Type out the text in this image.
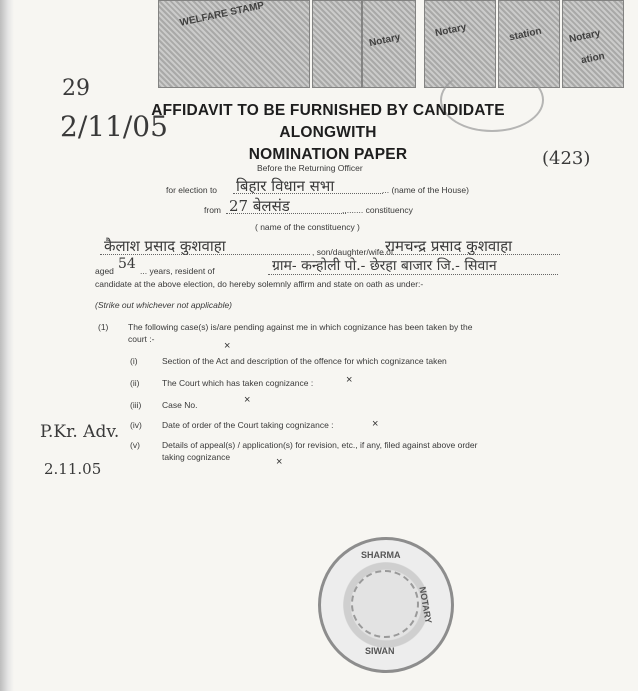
WELFARE STAMP
Notary
Notary	station	Notary
ation
29
2/11/05
(423)
AFFIDAVIT TO BE FURNISHED BY CANDIDATE ALONGWITH
NOMINATION PAPER
Before the Returning Officer
for election to बिहार विधान सभा	... (name of the House)
from 27 बेलसंड	......... constituency
( name of the constituency )
कैलाश प्रसाद कुशवाहा	, son/daughter/wife of
रामचन्द्र प्रसाद कुशवाहा
aged 54 ... years, resident of	ग्राम- कन्होली पो.- छेरहा बाजार जि.- सिवान
candidate at the above election, do hereby solemnly affirm and state on oath as under:-
(Strike out whichever not applicable)
(1) The following case(s) is/are pending against me in which cognizance has been taken by the
court :-
×
(i)	Section of the Act and description of the offence for which cognizance taken
(ii)	The Court which has taken cognizance :	×
(iii) Case No.	×
(iv) Date of order of the Court taking cognizance :	×
(v)	Details of appeal(s) / application(s) for revision, etc., if any, filed against above order
taking cognizance	×
P.Kr. Adv.
2.11.05
SHARMA
NOTARY
SIWAN
